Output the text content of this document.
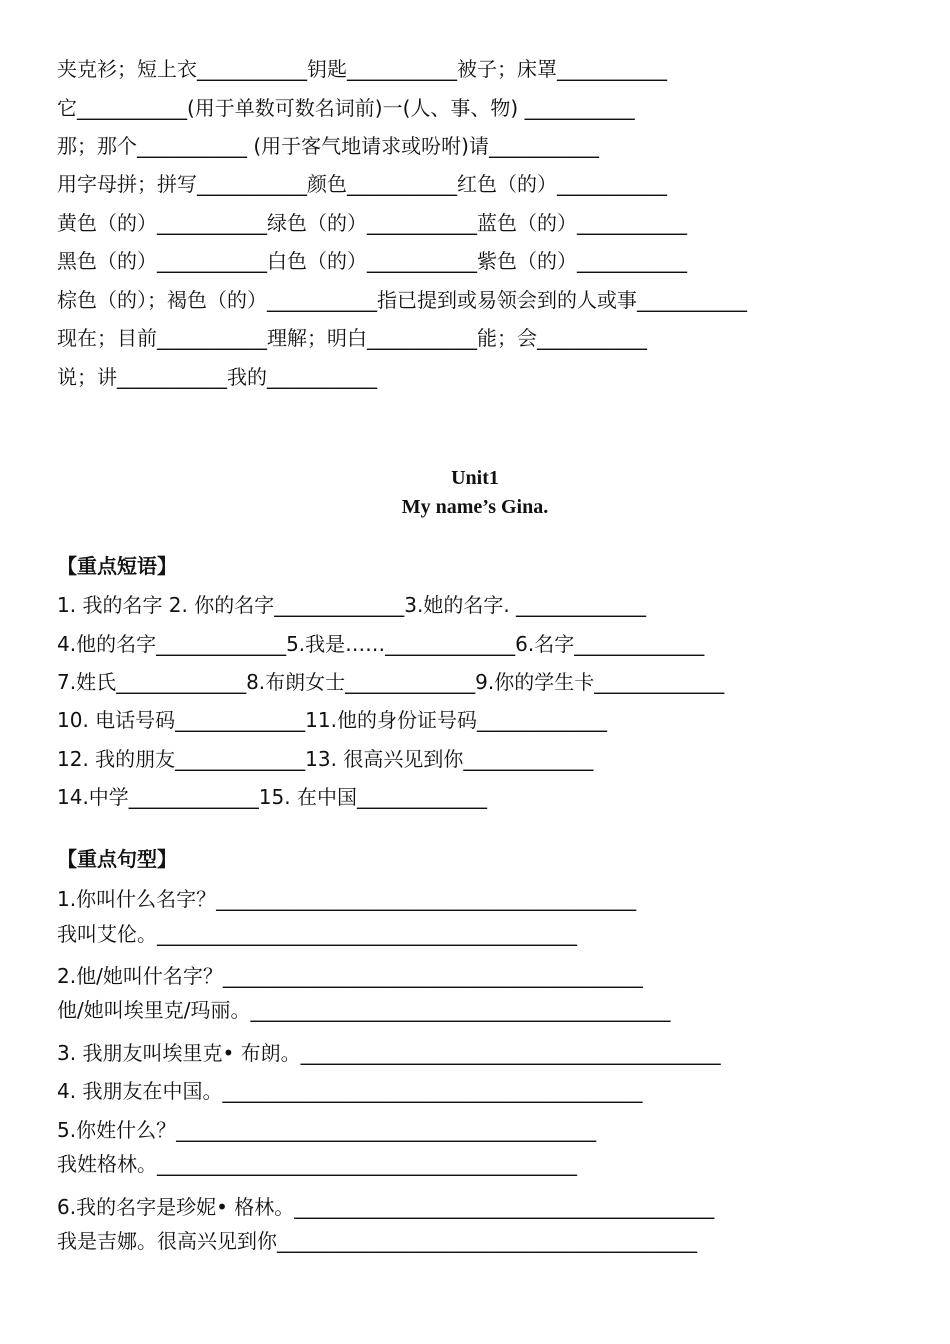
夹克衫；短上衣___________钥匙___________被子；床罩___________
它___________(用于单数可数名词前)一(人、事、物) ___________
那；那个___________ (用于客气地请求或吩咐)请___________
用字母拼；拼写___________颜色___________红色（的）___________
黄色（的）___________绿色（的）___________蓝色（的）___________
黑色（的）___________白色（的）___________紫色（的）___________
棕色（的）；褐色（的）___________指已提到或易领会到的人或事___________
现在；目前___________理解；明白___________能；会___________
说；讲___________我的___________
Unit1
My name’s Gina.
【重点短语】
1. 我的名字 2. 你的名字_____________3.她的名字. _____________
4.他的名字_____________5.我是……_____________6.名字_____________
7.姓氏_____________8.布朗女士_____________9.你的学生卡_____________
10. 电话号码_____________11.他的身份证号码_____________
12. 我的朋友_____________13. 很高兴见到你_____________
14.中学_____________15. 在中国_____________
【重点句型】
1.你叫什么名字？__________________________________________
我叫艾伦。__________________________________________
2.他/她叫什名字？__________________________________________
他/她叫埃里克/玛丽。__________________________________________
3. 我朋友叫埃里克• 布朗。__________________________________________
4. 我朋友在中国。__________________________________________
5.你姓什么？__________________________________________
我姓格林。__________________________________________
6.我的名字是珍妮• 格林。__________________________________________
我是吉娜。很高兴见到你__________________________________________
